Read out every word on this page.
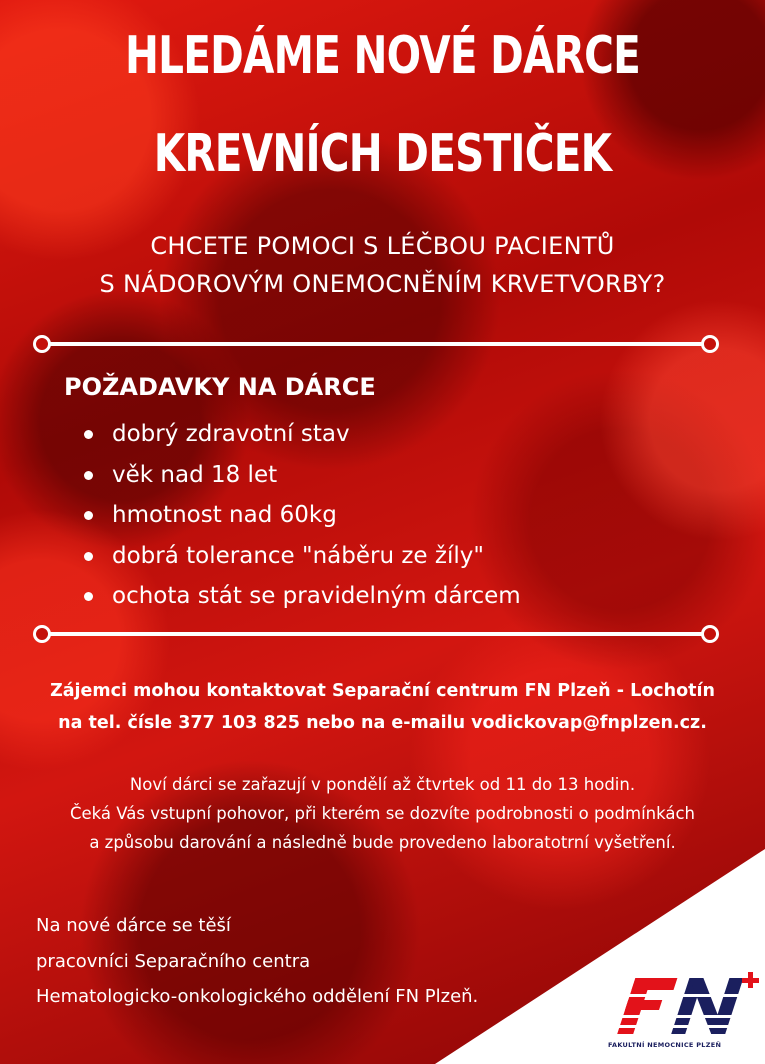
HLEDÁME NOVÉ DÁRCE
KREVNÍCH DESTIČEK
CHCETE POMOCI S LÉČBOU PACIENTŮ
S NÁDOROVÝM ONEMOCNĚNÍM KRVETVORBY?
POŽADAVKY NA DÁRCE
dobrý zdravotní stav
věk nad 18 let
hmotnost nad 60kg
dobrá tolerance "náběru ze žíly"
ochota stát se pravidelným dárcem
Zájemci mohou kontaktovat Separační centrum FN Plzeň - Lochotín
na tel. čísle 377 103 825 nebo na e-mailu vodickovap@fnplzen.cz.
Noví dárci se zařazují v pondělí až čtvrtek od 11 do 13 hodin.
Čeká Vás vstupní pohovor, při kterém se dozvíte podrobnosti o podmínkách
a způsobu darování a následně bude provedeno laboratotrní vyšetření.
Na nové dárce se těší
pracovníci Separačního centra
Hematologicko-onkologického oddělení FN Plzeň.
FAKULTNÍ NEMOCNICE PLZEŇ
